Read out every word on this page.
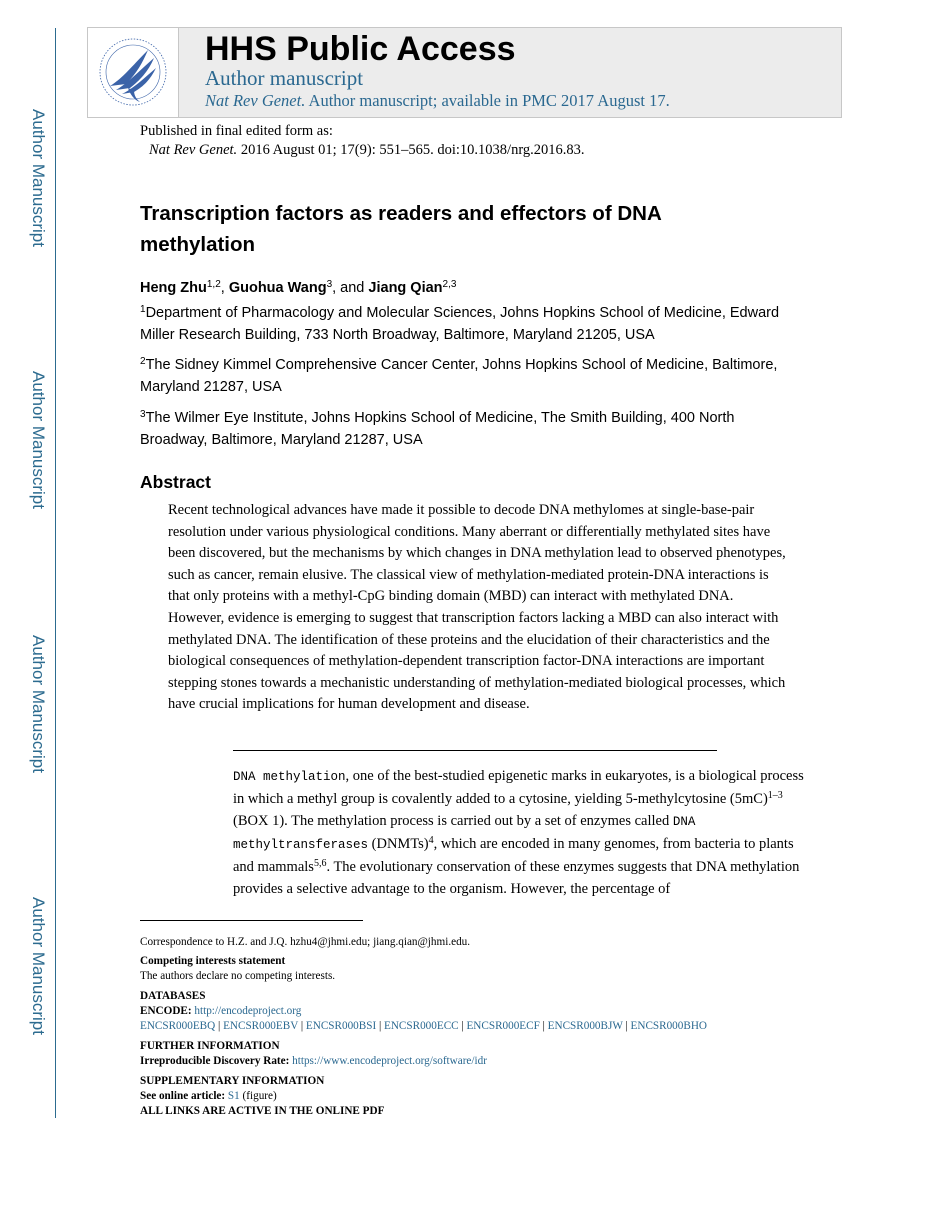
Author Manuscript
Author Manuscript
Author Manuscript
Author Manuscript
HHS Public Access
Author manuscript
Nat Rev Genet. Author manuscript; available in PMC 2017 August 17.
Published in final edited form as:
Nat Rev Genet. 2016 August 01; 17(9): 551–565. doi:10.1038/nrg.2016.83.
Transcription factors as readers and effectors of DNA methylation
Heng Zhu$^{1,2}$, Guohua Wang$^3$, and Jiang Qian$^{2,3}$
$^1$Department of Pharmacology and Molecular Sciences, Johns Hopkins School of Medicine, Edward Miller Research Building, 733 North Broadway, Baltimore, Maryland 21205, USA
$^2$The Sidney Kimmel Comprehensive Cancer Center, Johns Hopkins School of Medicine, Baltimore, Maryland 21287, USA
$^3$The Wilmer Eye Institute, Johns Hopkins School of Medicine, The Smith Building, 400 North Broadway, Baltimore, Maryland 21287, USA
Abstract
Recent technological advances have made it possible to decode DNA methylomes at single-base-pair resolution under various physiological conditions. Many aberrant or differentially methylated sites have been discovered, but the mechanisms by which changes in DNA methylation lead to observed phenotypes, such as cancer, remain elusive. The classical view of methylation-mediated protein-DNA interactions is that only proteins with a methyl-CpG binding domain (MBD) can interact with methylated DNA. However, evidence is emerging to suggest that transcription factors lacking a MBD can also interact with methylated DNA. The identification of these proteins and the elucidation of their characteristics and the biological consequences of methylation-dependent transcription factor-DNA interactions are important stepping stones towards a mechanistic understanding of methylation-mediated biological processes, which have crucial implications for human development and disease.
DNA methylation, one of the best-studied epigenetic marks in eukaryotes, is a biological process in which a methyl group is covalently added to a cytosine, yielding 5-methylcytosine $(5mC)^{1-3}$ (BOX 1). The methylation process is carried out by a set of enzymes called DNA methyltransferases (DNMTs)$^4$, which are encoded in many genomes, from bacteria to plants and mammals$^{5,6}$. The evolutionary conservation of these enzymes suggests that DNA methylation provides a selective advantage to the organism. However, the percentage of
Correspondence to H.Z. and J.Q. hzhu4@jhmi.edu; jiang.qian@jhmi.edu.
Competing interests statement
The authors declare no competing interests.
DATABASES
ENCODE: http://encodeproject.org
ENCSR000EBQ | ENCSR000EBV | ENCSR000BSI | ENCSR000ECC | ENCSR000ECF | ENCSR000BJW | ENCSR000BHO
FURTHER INFORMATION
Irreproducible Discovery Rate: https://www.encodeproject.org/software/idr
SUPPLEMENTARY INFORMATION
See online article: S1 (figure)
ALL LINKS ARE ACTIVE IN THE ONLINE PDF
